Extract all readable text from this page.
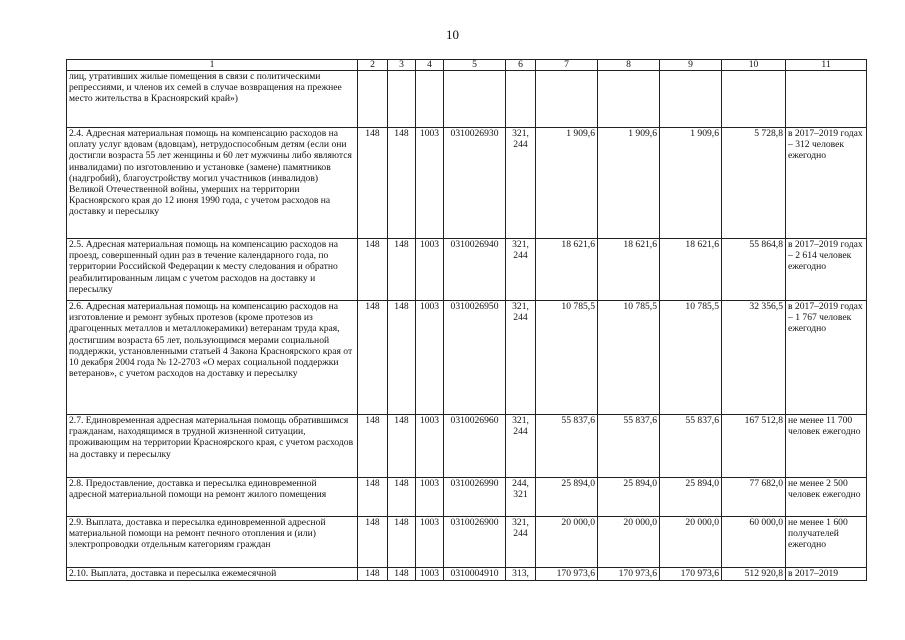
10
1	2	3	4	5	6	7	8	9	10	11
лиц, утративших жилые помещения в связи с политическими репрессиями, и членов их семей в случае возвращения на прежнее место жительства в Красноярский край»)										
2.4. Адресная материальная помощь на компенсацию расходов на оплату услуг вдовам (вдовцам), нетрудоспособным детям (если они достигли возраста 55 лет женщины и 60 лет мужчины либо являются инвалидами) по изготовлению и установке (замене) памятников (надгробий), благоустройству могил участников (инвалидов) Великой Отечественной войны, умерших на территории Красноярского края до 12 июня 1990 года, с учетом расходов на доставку и пересылку	148	148	1003	0310026930	321, 244	1 909,6	1 909,6	1 909,6	5 728,8	в 2017–2019 годах – 312 человек ежегодно
2.5. Адресная материальная помощь на компенсацию расходов на проезд, совершенный один раз в течение календарного года, по территории Российской Федерации к месту следования и обратно реабилитированным лицам с учетом расходов на доставку и пересылку	148	148	1003	0310026940	321, 244	18 621,6	18 621,6	18 621,6	55 864,8	в 2017–2019 годах – 2 614 человек ежегодно
2.6. Адресная материальная помощь на компенсацию расходов на изготовление и ремонт зубных протезов (кроме протезов из драгоценных металлов и металлокерамики) ветеранам труда края, достигшим возраста 65 лет, пользующимся мерами социальной поддержки, установленными статьей 4 Закона Красноярского края от 10 декабря 2004 года № 12-2703 «О мерах социальной поддержки ветеранов», с учетом расходов на доставку и пересылку	148	148	1003	0310026950	321, 244	10 785,5	10 785,5	10 785,5	32 356,5	в 2017–2019 годах – 1 767 человек ежегодно
2.7. Единовременная адресная материальная помощь обратившимся гражданам, находящимся в трудной жизненной ситуации, проживающим на территории Красноярского края, с учетом расходов на доставку и пересылку	148	148	1003	0310026960	321, 244	55 837,6	55 837,6	55 837,6	167 512,8	не менее 11 700 человек ежегодно
2.8. Предоставление, доставка и пересылка единовременной адресной материальной помощи на ремонт жилого помещения	148	148	1003	0310026990	244, 321	25 894,0	25 894,0	25 894,0	77 682,0	не менее 2 500 человек ежегодно
2.9. Выплата, доставка и пересылка единовременной адресной материальной помощи на ремонт печного отопления и (или) электропроводки отдельным категориям граждан	148	148	1003	0310026900	321, 244	20 000,0	20 000,0	20 000,0	60 000,0	не менее 1 600 получателей ежегодно
2.10. Выплата, доставка и пересылка ежемесячной	148	148	1003	0310004910	313,	170 973,6	170 973,6	170 973,6	512 920,8	в 2017–2019
